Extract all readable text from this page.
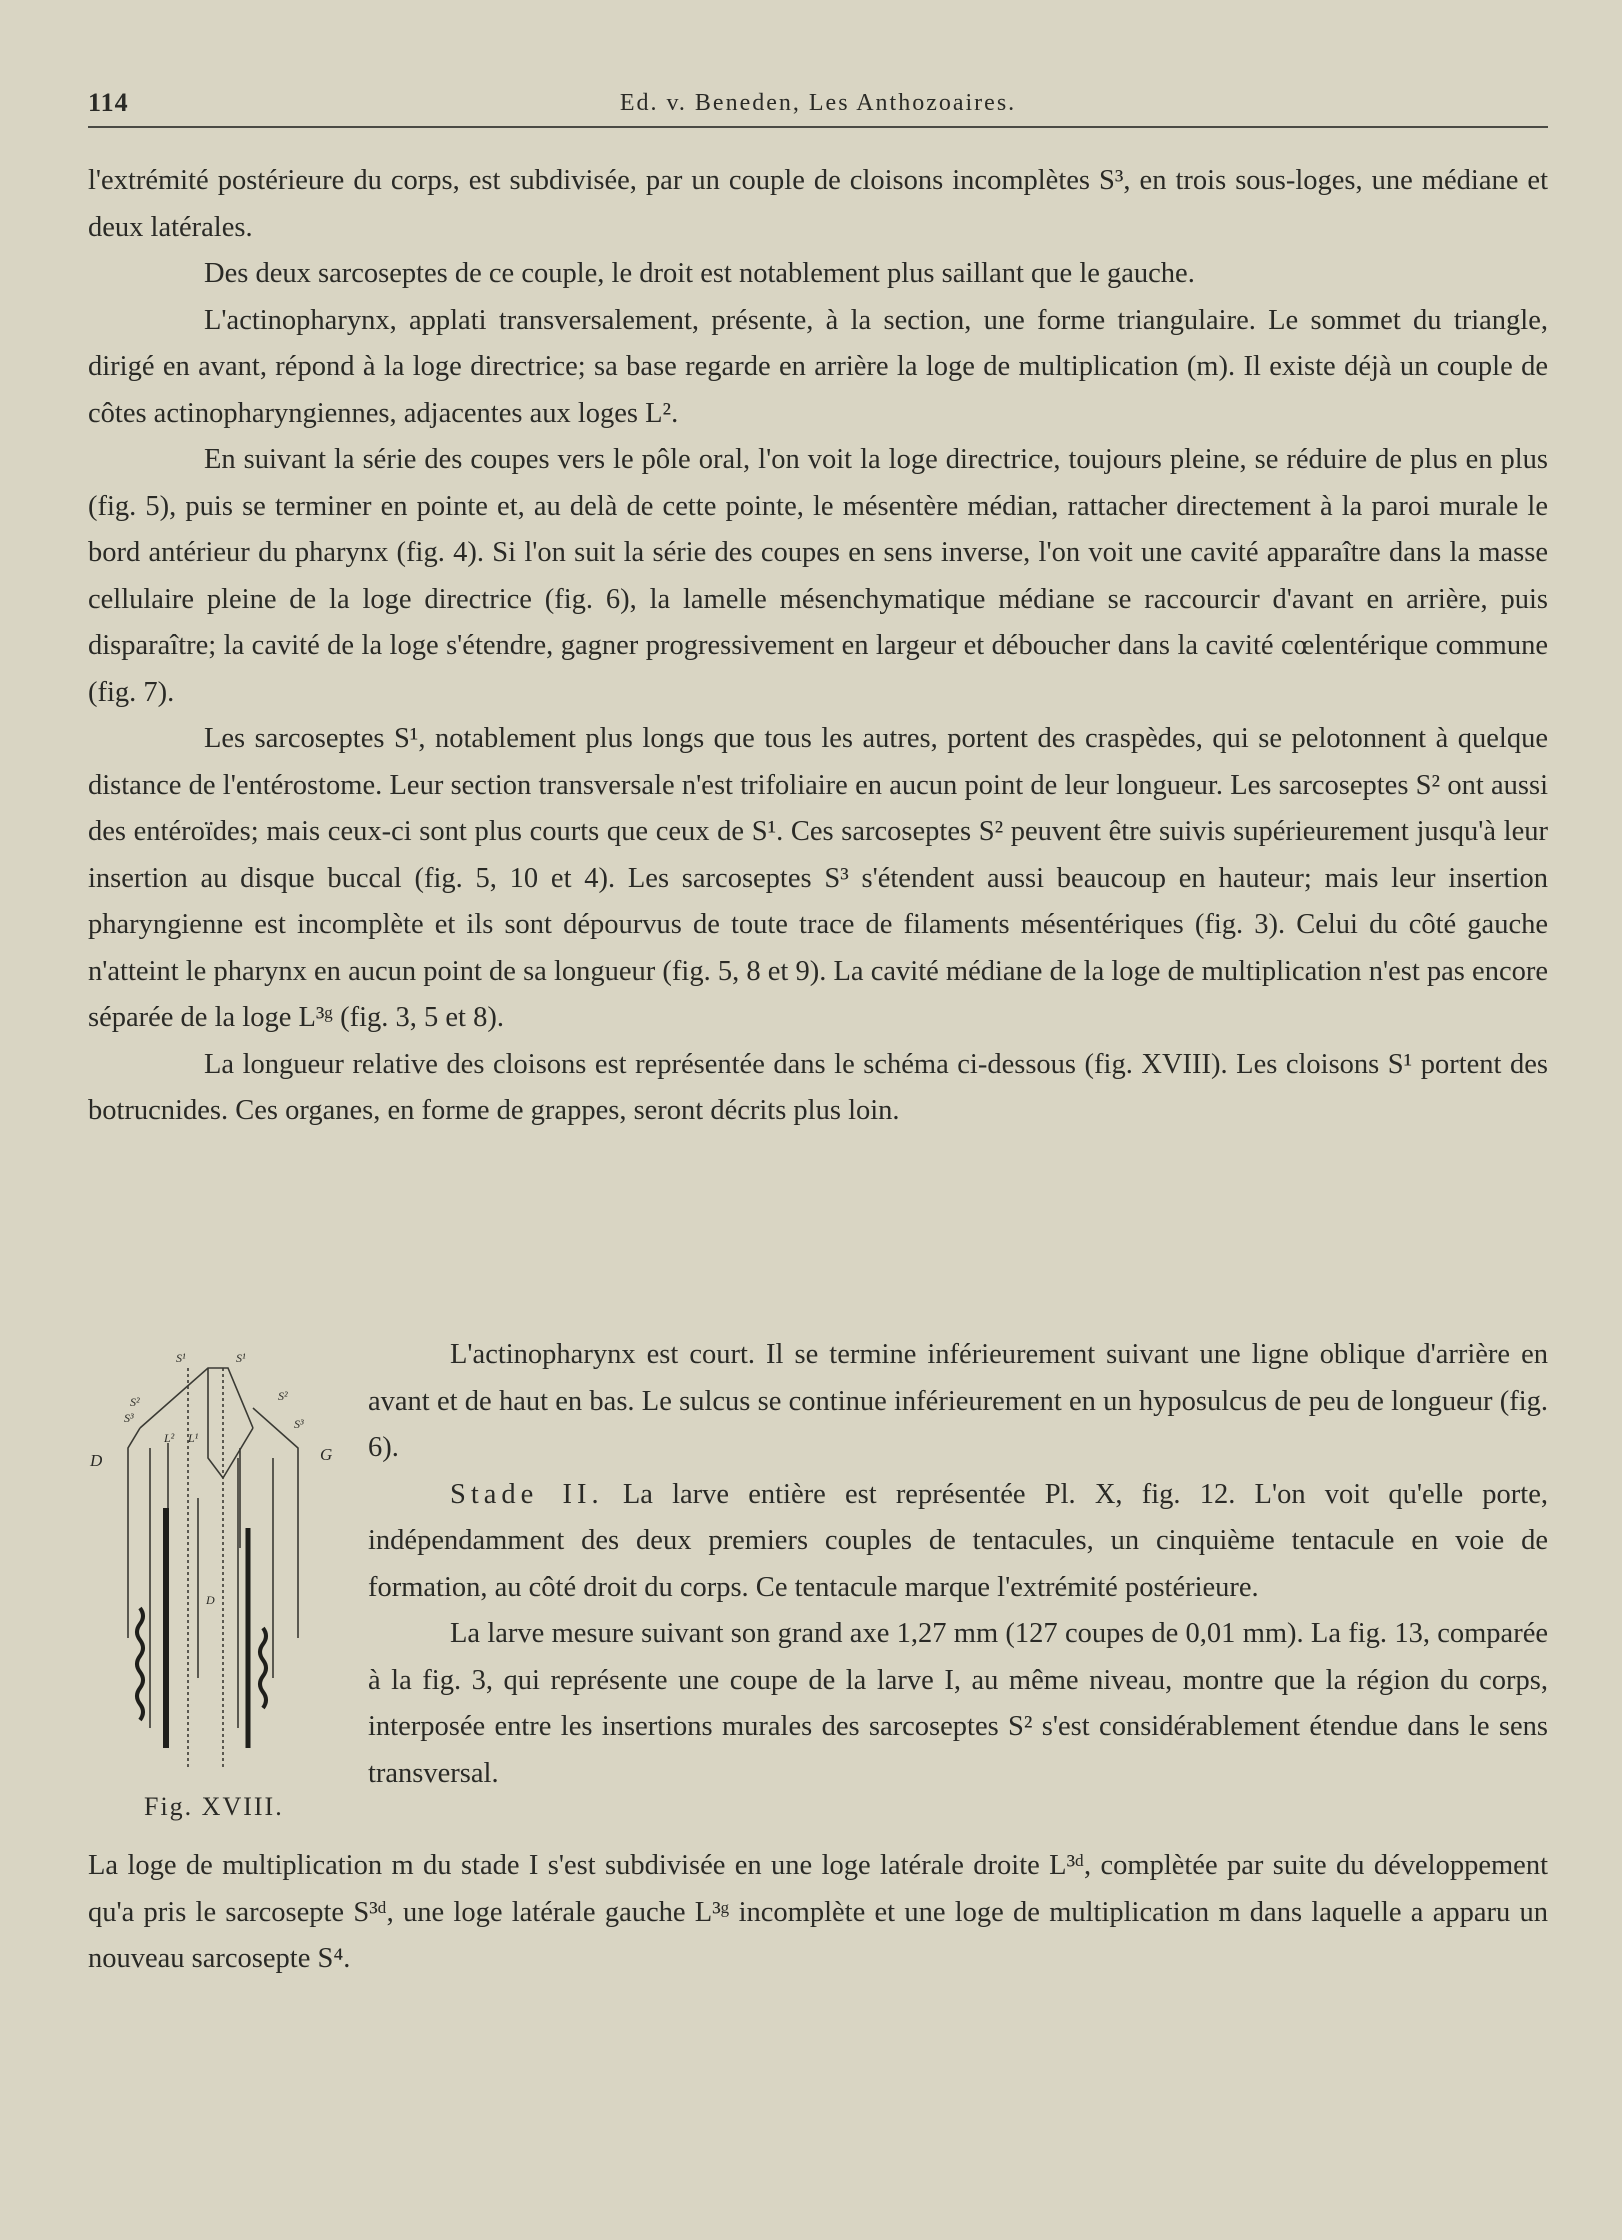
114	Ed. v. Beneden, Les Anthozoaires.

l'extrémité postérieure du corps, est subdivisée, par un couple de cloisons incomplètes S³, en trois sous-loges, une médiane et deux latérales.

Des deux sarcoseptes de ce couple, le droit est notablement plus saillant que le gauche.

L'actinopharynx, applati transversalement, présente, à la section, une forme triangulaire. Le sommet du triangle, dirigé en avant, répond à la loge directrice; sa base regarde en arrière la loge de multiplication (m). Il existe déjà un couple de côtes actinopharyngiennes, adjacentes aux loges L².

En suivant la série des coupes vers le pôle oral, l'on voit la loge directrice, toujours pleine, se réduire de plus en plus (fig. 5), puis se terminer en pointe et, au delà de cette pointe, le mésentère médian, rattacher directement à la paroi murale le bord antérieur du pharynx (fig. 4). Si l'on suit la série des coupes en sens inverse, l'on voit une cavité apparaître dans la masse cellulaire pleine de la loge directrice (fig. 6), la lamelle mésenchymatique médiane se raccourcir d'avant en arrière, puis disparaître; la cavité de la loge s'étendre, gagner progressivement en largeur et déboucher dans la cavité cœlentérique commune (fig. 7).

Les sarcoseptes S¹, notablement plus longs que tous les autres, portent des craspèdes, qui se pelotonnent à quelque distance de l'entérostome. Leur section transversale n'est trifoliaire en aucun point de leur longueur. Les sarcoseptes S² ont aussi des entéroïdes; mais ceux-ci sont plus courts que ceux de S¹. Ces sarcoseptes S² peuvent être suivis supérieurement jusqu'à leur insertion au disque buccal (fig. 5, 10 et 4). Les sarcoseptes S³ s'étendent aussi beaucoup en hauteur; mais leur insertion pharyngienne est incomplète et ils sont dépourvus de toute trace de filaments mésentériques (fig. 3). Celui du côté gauche n'atteint le pharynx en aucun point de sa longueur (fig. 5, 8 et 9). La cavité médiane de la loge de multiplication n'est pas encore séparée de la loge L³ᵍ (fig. 3, 5 et 8).

La longueur relative des cloisons est représentée dans le schéma ci-dessous (fig. XVIII). Les cloisons S¹ portent des botrucnides. Ces organes, en forme de grappes, seront décrits plus loin.

S¹	S¹
S²	S²
S³	S³
L² L¹
D
D
G
Fig. XVIII.

L'actinopharynx est court. Il se termine inférieurement suivant une ligne oblique d'arrière en avant et de haut en bas. Le sulcus se continue inférieurement en un hyposulcus de peu de longueur (fig. 6).

Stade II. La larve entière est représentée Pl. X, fig. 12. L'on voit qu'elle porte, indépendamment des deux premiers couples de tentacules, un cinquième tentacule en voie de formation, au côté droit du corps. Ce tentacule marque l'extrémité postérieure.

La larve mesure suivant son grand axe 1,27 mm (127 coupes de 0,01 mm). La fig. 13, comparée à la fig. 3, qui représente une coupe de la larve I, au même niveau, montre que la région du corps, interposée entre les insertions murales des sarcoseptes S² s'est considérablement étendue dans le sens transversal.

La loge de multiplication m du stade I s'est subdivisée en une loge latérale droite L³ᵈ, complètée par suite du développement qu'a pris le sarcosepte S³ᵈ, une loge latérale gauche L³ᵍ incomplète et une loge de multiplication m dans laquelle a apparu un nouveau sarcosepte S⁴.
